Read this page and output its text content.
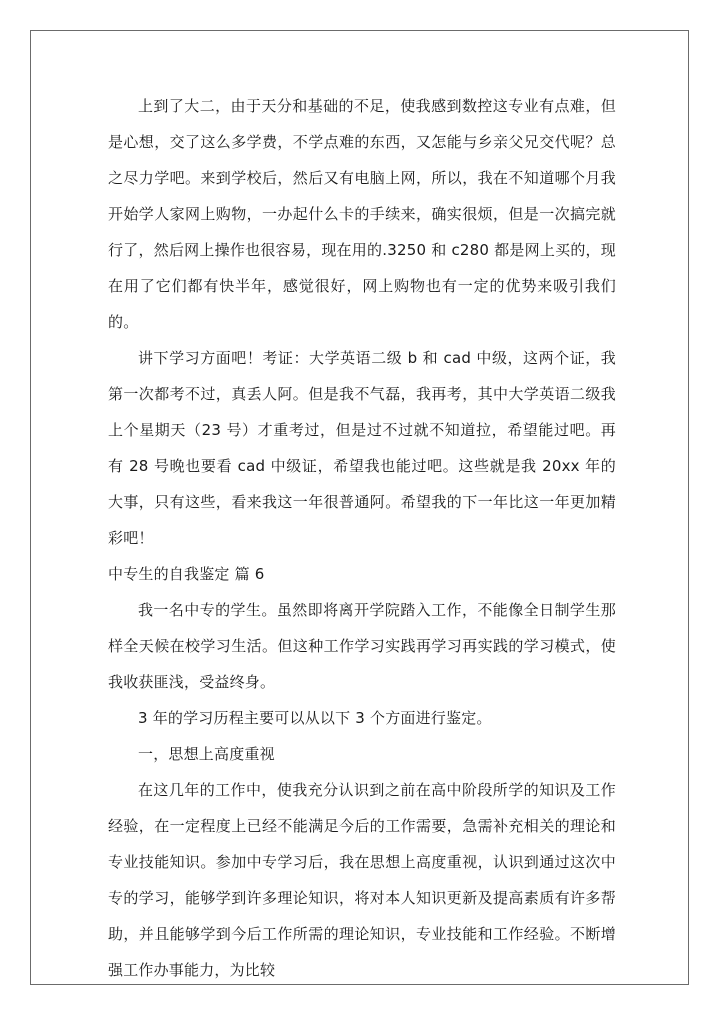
上到了大二，由于天分和基础的不足，使我感到数控这专业有点难，但是心想，交了这么多学费，不学点难的东西，又怎能与乡亲父兄交代呢？总之尽力学吧。来到学校后，然后又有电脑上网，所以，我在不知道哪个月我开始学人家网上购物，一办起什么卡的手续来，确实很烦，但是一次搞完就行了，然后网上操作也很容易，现在用的.3250 和 c280 都是网上买的，现在用了它们都有快半年，感觉很好，网上购物也有一定的优势来吸引我们的。

讲下学习方面吧！考证：大学英语二级 b 和 cad 中级，这两个证，我第一次都考不过，真丢人阿。但是我不气磊，我再考，其中大学英语二级我上个星期天（23 号）才重考过，但是过不过就不知道拉，希望能过吧。再有 28 号晚也要看 cad 中级证，希望我也能过吧。这些就是我 20xx 年的大事，只有这些，看来我这一年很普通阿。希望我的下一年比这一年更加精彩吧！

中专生的自我鉴定 篇 6

我一名中专的学生。虽然即将离开学院踏入工作，不能像全日制学生那样全天候在校学习生活。但这种工作学习实践再学习再实践的学习模式，使我收获匪浅，受益终身。

3 年的学习历程主要可以从以下 3 个方面进行鉴定。

一，思想上高度重视

在这几年的工作中，使我充分认识到之前在高中阶段所学的知识及工作经验，在一定程度上已经不能满足今后的工作需要，急需补充相关的理论和专业技能知识。参加中专学习后，我在思想上高度重视，认识到通过这次中专的学习，能够学到许多理论知识，将对本人知识更新及提高素质有许多帮助，并且能够学到今后工作所需的理论知识，专业技能和工作经验。不断增强工作办事能力，为比较
